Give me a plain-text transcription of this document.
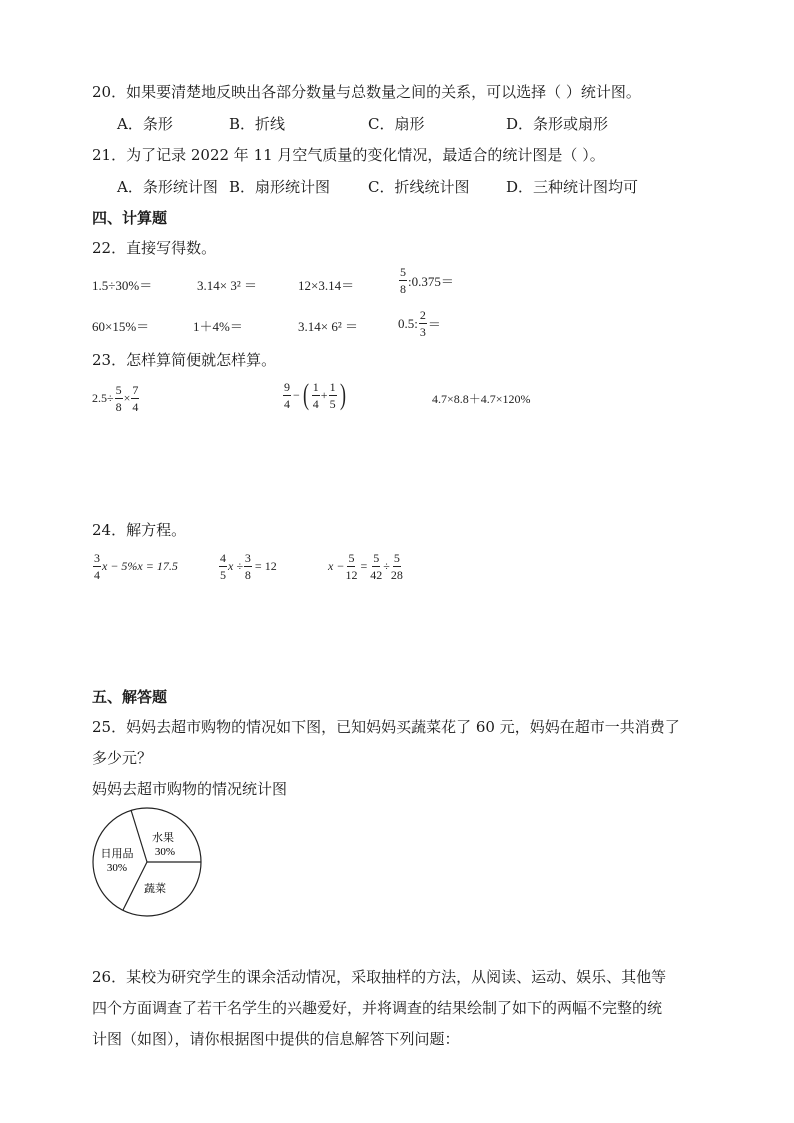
20．如果要清楚地反映出各部分数量与总数量之间的关系，可以选择（ ）统计图。
A．条形	B．折线	C．扇形	D．条形或扇形
21．为了记录 2022 年 11 月空气质量的变化情况，最适合的统计图是（ ）。
A．条形统计图 B．扇形统计图	C．折线统计图 D．三种统计图均可
四、计算题
22．直接写得数。
1.5÷30%＝	3.14× 3² ＝	12×3.14＝	$\frac{5}{8}$ :0.375＝
60×15%＝	1＋4%＝	3.14× 6² ＝	0.5: $\frac{2}{3}$ ＝
23．怎样算简便就怎样算。
$2.5\div \frac{5}{8} \times \frac{7}{4}$	$\frac{9}{4}$ − ( $\frac{1}{4} + \frac{1}{5}$ )	4.7×8.8＋4.7×120%
24．解方程。
$\frac{3}{4}$ x − 5%x = 17.5	$\frac{4}{5}$ $x \div \frac{3}{8} = 12$	$x - \frac{5}{12} = \frac{5}{42} \div \frac{5}{28}$
五、解答题
25．妈妈去超市购物的情况如下图，已知妈妈买蔬菜花了 60 元，妈妈在超市一共消费了
多少元？
妈妈去超市购物的情况统计图
水果
30%
日用品
30%
蔬菜
26．某校为研究学生的课余活动情况，采取抽样的方法，从阅读、运动、娱乐、其他等
四个方面调查了若干名学生的兴趣爱好，并将调查的结果绘制了如下的两幅不完整的统
计图（如图），请你根据图中提供的信息解答下列问题：
